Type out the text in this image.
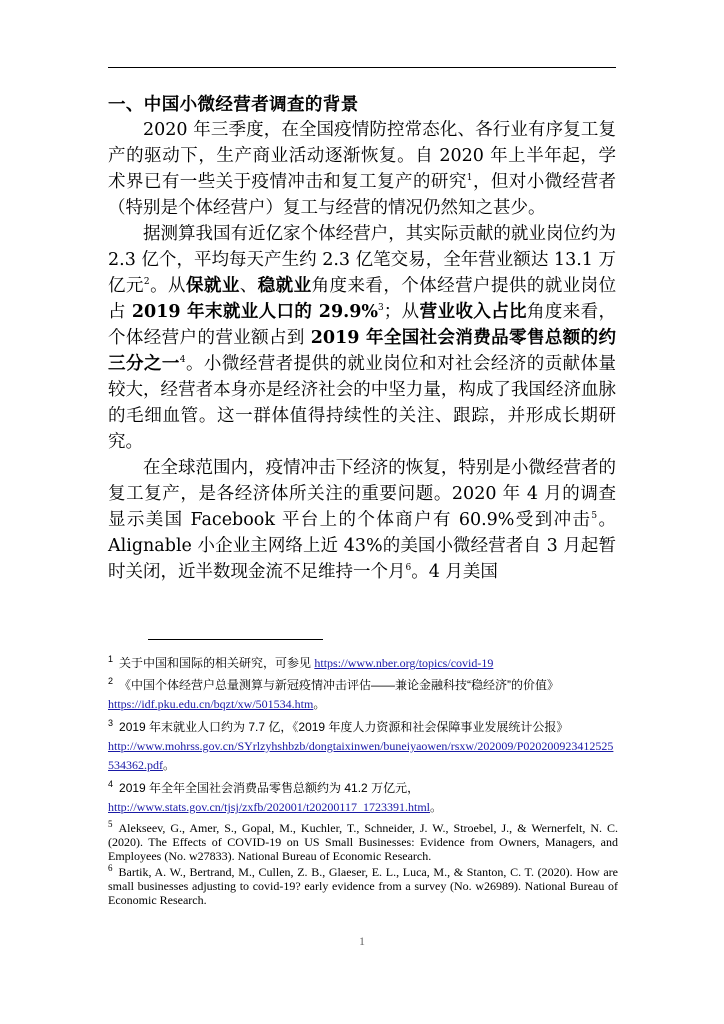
一、中国小微经营者调查的背景

2020 年三季度，在全国疫情防控常态化、各行业有序复工复产的驱动下，生产商业活动逐渐恢复。自 2020 年上半年起，学术界已有一些关于疫情冲击和复工复产的研究$^1$，但对小微经营者（特别是个体经营户）复工与经营的情况仍然知之甚少。

据测算我国有近亿家个体经营户，其实际贡献的就业岗位约为 2.3 亿个，平均每天产生约 2.3 亿笔交易，全年营业额达 13.1 万亿元$^2$。从保就业、稳就业角度来看，个体经营户提供的就业岗位占 2019 年末就业人口的 29.9%$^3$；从营业收入占比角度来看，个体经营户的营业额占到 2019 年全国社会消费品零售总额的约三分之一$^4$。小微经营者提供的就业岗位和对社会经济的贡献体量较大，经营者本身亦是经济社会的中坚力量，构成了我国经济血脉的毛细血管。这一群体值得持续性的关注、跟踪，并形成长期研究。

在全球范围内，疫情冲击下经济的恢复，特别是小微经营者的复工复产，是各经济体所关注的重要问题。2020 年 4 月的调查显示美国 Facebook 平台上的个体商户有 60.9%受到冲击$^5$。Alignable 小企业主网络上近 43%的美国小微经营者自 3 月起暂时关闭，近半数现金流不足维持一个月$^6$。4 月美国

$^1$ 关于中国和国际的相关研究，可参见 https://www.nber.org/topics/covid-19
$^2$ 《中国个体经营户总量测算与新冠疫情冲击评估——兼论金融科技“稳经济”的价值》
https://idf.pku.edu.cn/bqzt/xw/501534.htm。
$^3$ 2019 年末就业人口约为 7.7 亿，《2019 年度人力资源和社会保障事业发展统计公报》
http://www.mohrss.gov.cn/SYrlzyhshbzb/dongtaixinwen/buneiyaowen/rsxw/202009/P020200923412525534362.pdf。
$^4$ 2019 年全年全国社会消费品零售总额约为 41.2 万亿元，
http://www.stats.gov.cn/tjsj/zxfb/202001/t20200117_1723391.html。
$^5$ Alekseev, G., Amer, S., Gopal, M., Kuchler, T., Schneider, J. W., Stroebel, J., & Wernerfelt, N. C. (2020). The Effects of COVID-19 on US Small Businesses: Evidence from Owners, Managers, and Employees (No. w27833). National Bureau of Economic Research.
$^6$ Bartik, A. W., Bertrand, M., Cullen, Z. B., Glaeser, E. L., Luca, M., & Stanton, C. T. (2020). How are small businesses adjusting to covid-19? early evidence from a survey (No. w26989). National Bureau of Economic Research.
1
